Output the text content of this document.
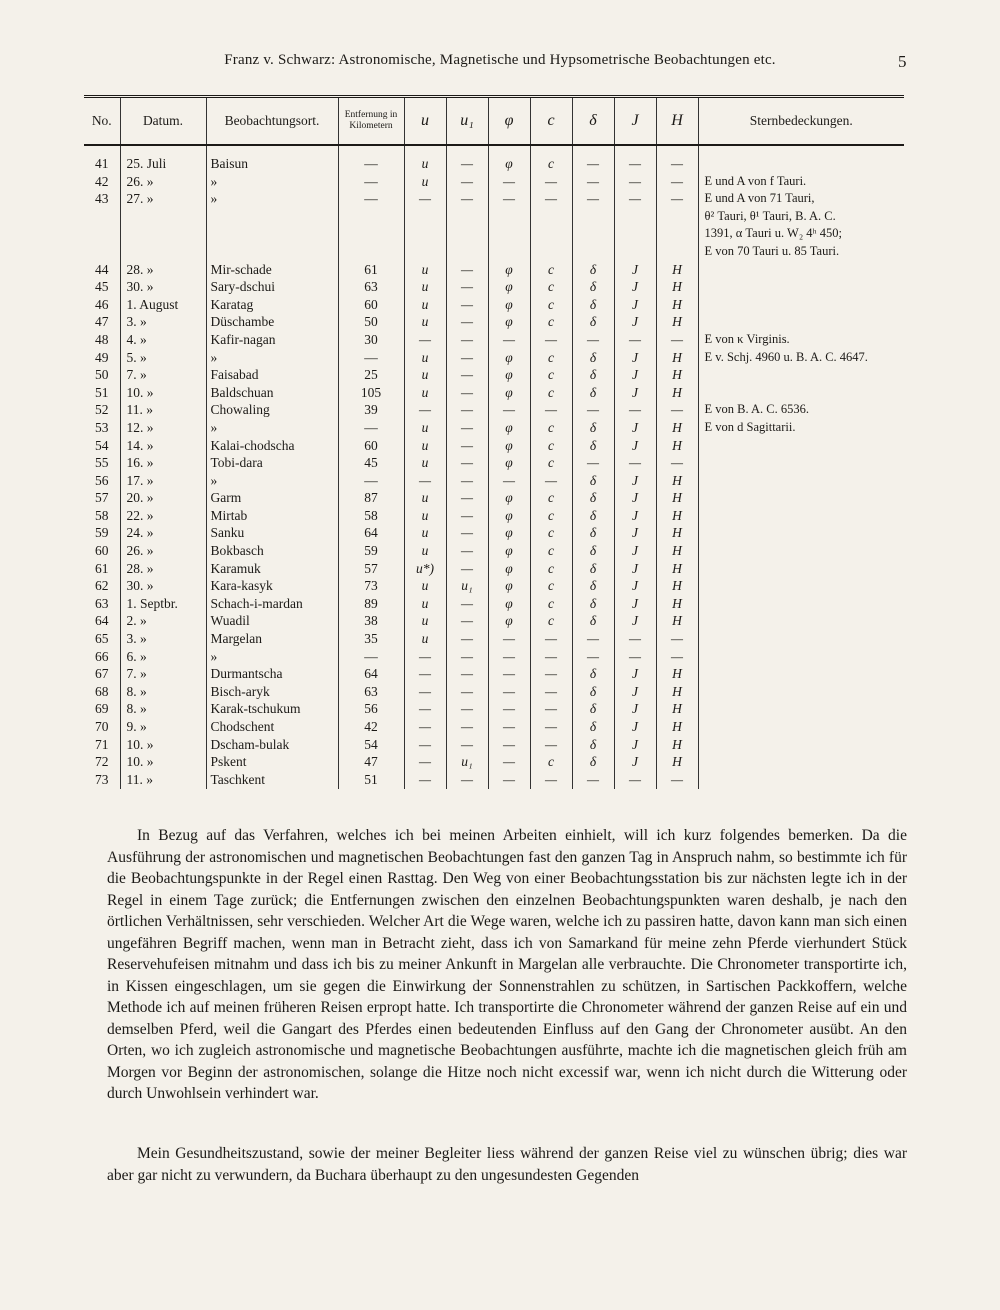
Franz v. Schwarz: Astronomische, Magnetische und Hypsometrische Beobachtungen etc.	5
No.	Datum.	Beobachtungsort.	Entfernung in Kilometern	u	u₁	φ	c	δ	J	H	Sternbedeckungen.

41	25. Juli	Baisun	—	u	—	φ	c	—	—	—	
42	26. »	»	—	u	—	—	—	—	—	—	E und A von f Tauri.
43	27. »	»	—	—	—	—	—	—	—	—	E und A von 71 Tauri,
											θ² Tauri, θ¹ Tauri, B. A. C.
											1391, α Tauri u. W₂ 4ʰ 450;
											E von 70 Tauri u. 85 Tauri.
44	28. »	Mir-schade	61	u	—	φ	c	δ	J	H	
45	30. »	Sary-dschui	63	u	—	φ	c	δ	J	H	
46	1. August	Karatag	60	u	—	φ	c	δ	J	H	
47	3. »	Düschambe	50	u	—	φ	c	δ	J	H	
48	4. »	Kafir-nagan	30	—	—	—	—	—	—	—	E von κ Virginis.
49	5. »	»	—	u	—	φ	c	δ	J	H	E v. Schj. 4960 u. B. A. C. 4647.
50	7. »	Faisabad	25	u	—	φ	c	δ	J	H	
51	10. »	Baldschuan	105	u	—	φ	c	δ	J	H	
52	11. »	Chowaling	39	—	—	—	—	—	—	—	E von B. A. C. 6536.
53	12. »	»	—	u	—	φ	c	δ	J	H	E von d Sagittarii.
54	14. »	Kalai-chodscha	60	u	—	φ	c	δ	J	H	
55	16. »	Tobi-dara	45	u	—	φ	c	—	—	—	
56	17. »	»	—	—	—	—	—	δ	J	H	
57	20. »	Garm	87	u	—	φ	c	δ	J	H	
58	22. »	Mirtab	58	u	—	φ	c	δ	J	H	
59	24. »	Sanku	64	u	—	φ	c	δ	J	H	
60	26. »	Bokbasch	59	u	—	φ	c	δ	J	H	
61	28. »	Karamuk	57	u*)	—	φ	c	δ	J	H	
62	30. »	Kara-kasyk	73	u	u₁	φ	c	δ	J	H	
63	1. Septbr.	Schach-i-mardan	89	u	—	φ	c	δ	J	H	
64	2. »	Wuadil	38	u	—	φ	c	δ	J	H	
65	3. »	Margelan	35	u	—	—	—	—	—	—	
66	6. »	»	—	—	—	—	—	—	—	—	
67	7. »	Durmantscha	64	—	—	—	—	δ	J	H	
68	8. »	Bisch-aryk	63	—	—	—	—	δ	J	H	
69	8. »	Karak-tschukum	56	—	—	—	—	δ	J	H	
70	9. »	Chodschent	42	—	—	—	—	δ	J	H	
71	10. »	Dscham-bulak	54	—	—	—	—	δ	J	H	
72	10. »	Pskent	47	—	u₁	—	c	δ	J	H	
73	11. »	Taschkent	51	—	—	—	—	—	—	—	

In Bezug auf das Verfahren, welches ich bei meinen Arbeiten einhielt, will ich kurz folgendes bemerken. Da die Ausführung der astronomischen und magnetischen Beobachtungen fast den ganzen Tag in Anspruch nahm, so bestimmte ich für die Beobachtungspunkte in der Regel einen Rasttag. Den Weg von einer Beobachtungsstation bis zur nächsten legte ich in der Regel in einem Tage zurück; die Entfernungen zwischen den einzelnen Beobachtungspunkten waren deshalb, je nach den örtlichen Verhältnissen, sehr verschieden. Welcher Art die Wege waren, welche ich zu passiren hatte, davon kann man sich einen ungefähren Begriff machen, wenn man in Betracht zieht, dass ich von Samarkand für meine zehn Pferde vierhundert Stück Reservehufeisen mitnahm und dass ich bis zu meiner Ankunft in Margelan alle verbrauchte. Die Chronometer transportirte ich, in Kissen eingeschlagen, um sie gegen die Einwirkung der Sonnenstrahlen zu schützen, in Sartischen Packkoffern, welche Methode ich auf meinen früheren Reisen erpropt hatte. Ich transportirte die Chronometer während der ganzen Reise auf ein und demselben Pferd, weil die Gangart des Pferdes einen bedeutenden Einfluss auf den Gang der Chronometer ausübt. An den Orten, wo ich zugleich astronomische und magnetische Beobachtungen ausführte, machte ich die magnetischen gleich früh am Morgen vor Beginn der astronomischen, solange die Hitze noch nicht excessif war, wenn ich nicht durch die Witterung oder durch Unwohlsein verhindert war.

Mein Gesundheitszustand, sowie der meiner Begleiter liess während der ganzen Reise viel zu wünschen übrig; dies war aber gar nicht zu verwundern, da Buchara überhaupt zu den ungesundesten Gegenden
